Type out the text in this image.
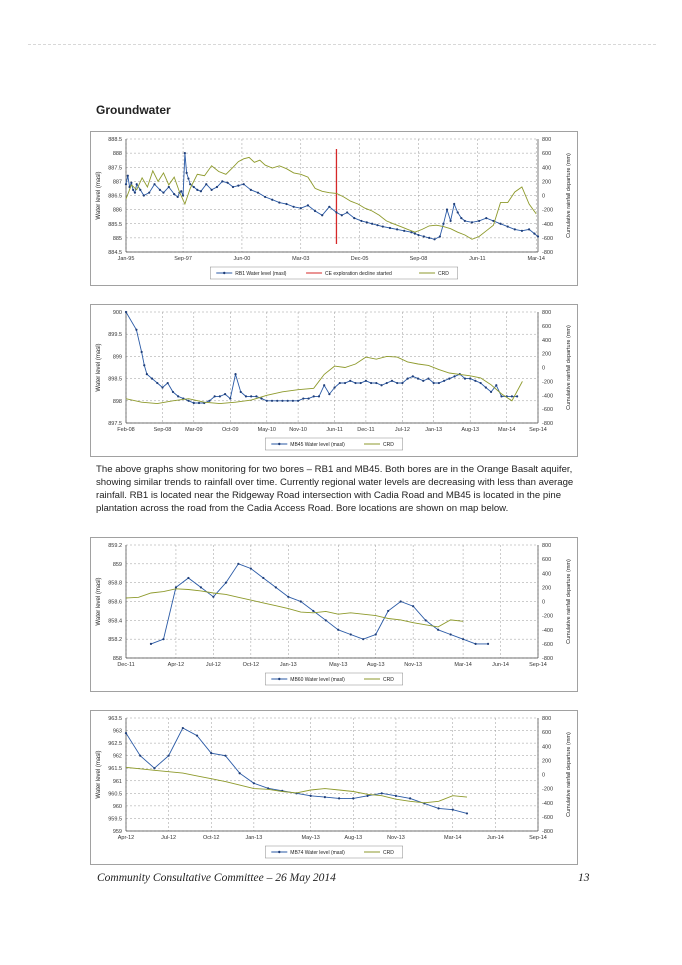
Groundwater
888.5
888
887.5
887
886.5
886
885.5
885
884.5
800
600
400
200
0
-200
-400
-600
-800
Jan-95	Sep-97	Jun-00	Mar-03	Dec-05	Sep-08	Jun-11	Mar-14
Water level (masl)	Cumulative rainfall departure (mm)
RB1 Water level (masl)	CE exploration decline started	CRD
900
899.5
899
898.5
898
897.5
800
600
400
200
0
-200
-400
-600
-800
Feb-08	Sep-08 Mar-09	Oct-09	May-10 Nov-10	Jun-11	Dec-11	Jul-12	Jan-13	Aug-13	Mar-14 Sep-14
Water level (masl)	Cumulative rainfall departure (mm)
MB45 Water level (masl)	CRD
The above graphs show monitoring for two bores – RB1 and MB45. Both bores are in the Orange Basalt aquifer, showing similar trends to rainfall over time. Currently regional water levels are decreasing with less than average rainfall. RB1 is located near the Ridgeway Road intersection with Cadia Road and MB45 is located in the pine plantation across the road from the Cadia Access Road. Bore locations are shown on map below.
859.2
859
858.8
858.6
858.4
858.2
858
800
600
400
200
0
-200
-400
-600
-800
Dec-11	Apr-12	Jul-12	Oct-12	Jan-13	May-13	Aug-13	Nov-13	Mar-14	Jun-14	Sep-14
Water level (masl)	Cumulative rainfall departure (mm)
MB60 Water level (masl)	CRD
963.5
963
962.5
962
961.5
961
960.5
960
959.5
959
800
600
400
200
0
-200
-400
-600
-800
Apr-12	Jul-12	Oct-12	Jan-13	May-13	Aug-13	Nov-13	Mar-14	Jun-14	Sep-14
Water level (masl)	Cumulative rainfall departure (mm)
MB74 Water level (masl)	CRD
Community Consultative Committee – 26 May 2014	13
